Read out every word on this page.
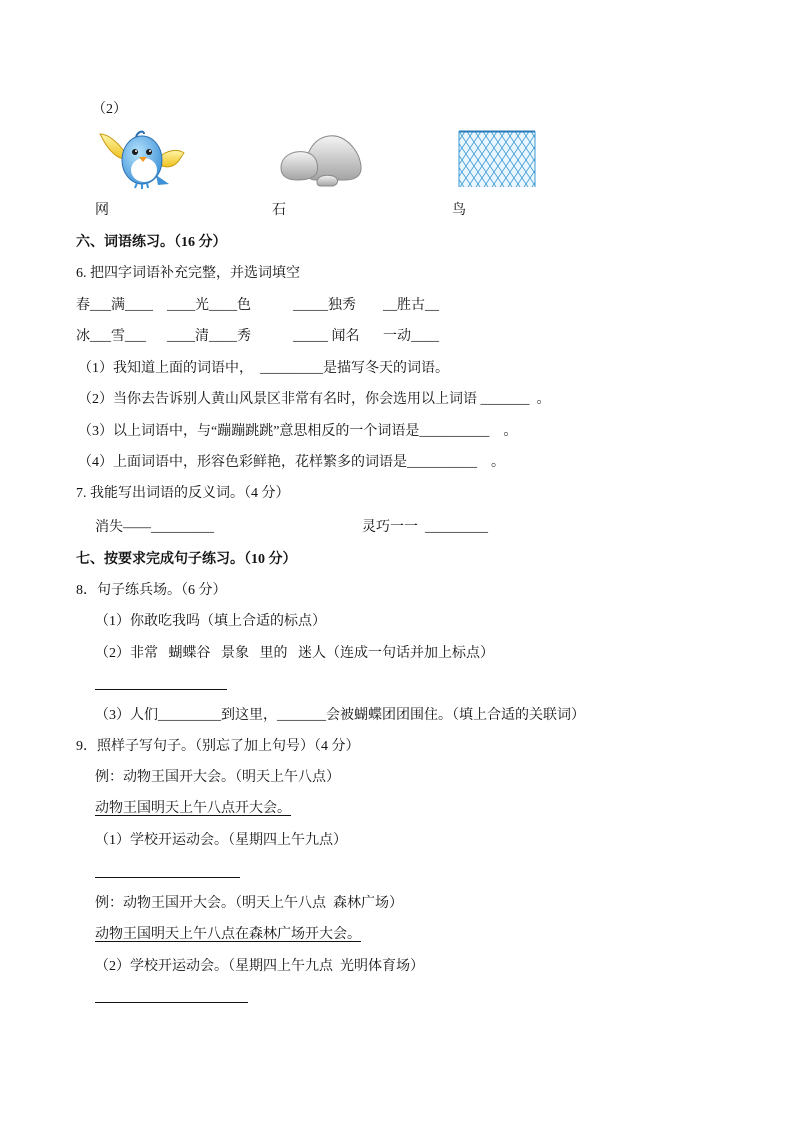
（2）
网	石	鸟
六、词语练习。（16 分）
6. 把四字词语补充完整，并选词填空
春___满____ ____光____色	_____独秀 __胜古__
冰___雪___ ____清____秀	_____ 闻名 一动____
（1）我知道上面的词语中，  _________是描写冬天的词语。
（2）当你去告诉别人黄山风景区非常有名时，你会选用以上词语 _______  。
（3）以上词语中，与“蹦蹦跳跳”意思相反的一个词语是__________    。
（4）上面词语中，形容色彩鲜艳，花样繁多的词语是__________    。
7. 我能写出词语的反义词。（4 分）
消失——_________	灵巧一一  _________
七、按要求完成句子练习。（10 分）
8．句子练兵场。（6 分）
（1）你敢吃我吗（填上合适的标点）
（2）非常   蝴蝶谷   景象   里的   迷人（连成一句话并加上标点）
（3）人们_________到这里，_______会被蝴蝶团团围住。（填上合适的关联词）
9．照样子写句子。（别忘了加上句号）（4 分）
例：动物王国开大会。（明天上午八点）
动物王国明天上午八点开大会。
（1）学校开运动会。（星期四上午九点）
例：动物王国开大会。（明天上午八点  森林广场）
动物王国明天上午八点在森林广场开大会。
（2）学校开运动会。（星期四上午九点  光明体育场）
